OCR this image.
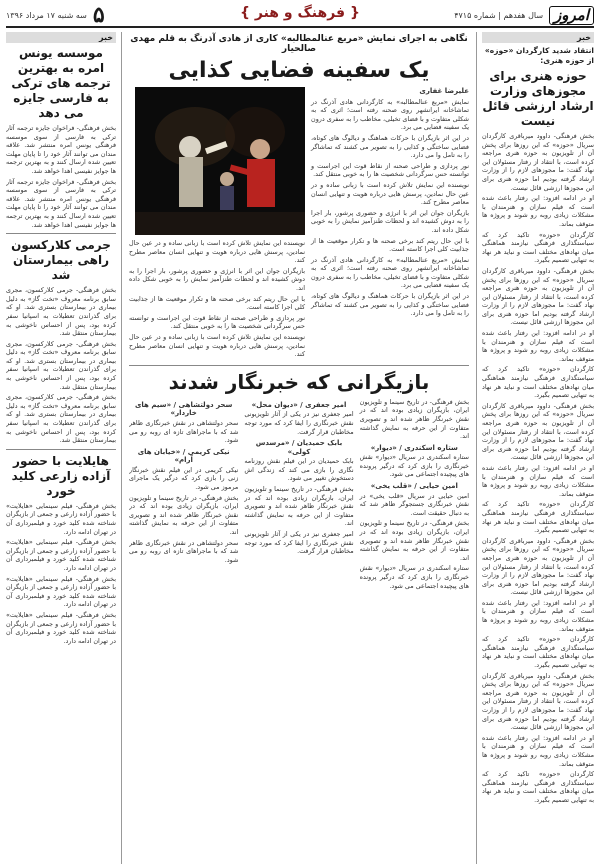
امروز
سال هفدهم | شماره ۴۷۱۵
{ فرهنگ و هنر }
۵
سه شنبه ۱۷ مرداد ۱۳۹۶
خبر
انتقاد شدید کارگردان «حوزه» از حوزه هنری:
حوزه هنری برای مجوزهای وزارت ارشاد ارزشی قائل نیست

بخش فرهنگی- داوود میرباقری کارگردان سریال «حوزه» که این روزها برای پخش آن از تلویزیون به حوزه هنری مراجعه کرده است، با انتقاد از رفتار مسئولان این نهاد گفت: ما مجوزهای لازم را از وزارت ارشاد گرفته بودیم اما حوزه هنری برای این مجوزها ارزشی قائل نیست.

او در ادامه افزود: این رفتار باعث شده است که فیلم سازان و هنرمندان با مشکلات زیادی روبه رو شوند و پروژه ها متوقف بماند.

کارگردان «حوزه» تاکید کرد که سیاستگذاری فرهنگی نیازمند هماهنگی میان نهادهای مختلف است و نباید هر نهاد به تنهایی تصمیم بگیرد.

بخش فرهنگی- داوود میرباقری کارگردان سریال «حوزه» که این روزها برای پخش آن از تلویزیون به حوزه هنری مراجعه کرده است، با انتقاد از رفتار مسئولان این نهاد گفت: ما مجوزهای لازم را از وزارت ارشاد گرفته بودیم اما حوزه هنری برای این مجوزها ارزشی قائل نیست.

او در ادامه افزود: این رفتار باعث شده است که فیلم سازان و هنرمندان با مشکلات زیادی روبه رو شوند و پروژه ها متوقف بماند.

کارگردان «حوزه» تاکید کرد که سیاستگذاری فرهنگی نیازمند هماهنگی میان نهادهای مختلف است و نباید هر نهاد به تنهایی تصمیم بگیرد.

بخش فرهنگی- داوود میرباقری کارگردان سریال «حوزه» که این روزها برای پخش آن از تلویزیون به حوزه هنری مراجعه کرده است، با انتقاد از رفتار مسئولان این نهاد گفت: ما مجوزهای لازم را از وزارت ارشاد گرفته بودیم اما حوزه هنری برای این مجوزها ارزشی قائل نیست.

او در ادامه افزود: این رفتار باعث شده است که فیلم سازان و هنرمندان با مشکلات زیادی روبه رو شوند و پروژه ها متوقف بماند.

کارگردان «حوزه» تاکید کرد که سیاستگذاری فرهنگی نیازمند هماهنگی میان نهادهای مختلف است و نباید هر نهاد به تنهایی تصمیم بگیرد.

بخش فرهنگی- داوود میرباقری کارگردان سریال «حوزه» که این روزها برای پخش آن از تلویزیون به حوزه هنری مراجعه کرده است، با انتقاد از رفتار مسئولان این نهاد گفت: ما مجوزهای لازم را از وزارت ارشاد گرفته بودیم اما حوزه هنری برای این مجوزها ارزشی قائل نیست.

او در ادامه افزود: این رفتار باعث شده است که فیلم سازان و هنرمندان با مشکلات زیادی روبه رو شوند و پروژه ها متوقف بماند.

کارگردان «حوزه» تاکید کرد که سیاستگذاری فرهنگی نیازمند هماهنگی میان نهادهای مختلف است و نباید هر نهاد به تنهایی تصمیم بگیرد.

بخش فرهنگی- داوود میرباقری کارگردان سریال «حوزه» که این روزها برای پخش آن از تلویزیون به حوزه هنری مراجعه کرده است، با انتقاد از رفتار مسئولان این نهاد گفت: ما مجوزهای لازم را از وزارت ارشاد گرفته بودیم اما حوزه هنری برای این مجوزها ارزشی قائل نیست.

او در ادامه افزود: این رفتار باعث شده است که فیلم سازان و هنرمندان با مشکلات زیادی روبه رو شوند و پروژه ها متوقف بماند.

کارگردان «حوزه» تاکید کرد که سیاستگذاری فرهنگی نیازمند هماهنگی میان نهادهای مختلف است و نباید هر نهاد به تنهایی تصمیم بگیرد.

نگاهی به اجرای نمایش «مربع عنالمطالبه» کاری از هادی آذرنگ به قلم مهدی صالحیار
یک سفینه فضایی کذایی
علیرضا غفاری

نمایش «مربع عنالمطالبه» به کارگردانی هادی آذرنگ در تماشاخانه ایرانشهر روی صحنه رفته است؛ اثری که به شکلی متفاوت و با فضای تخیلی، مخاطب را به سفری درون یک سفینه فضایی می برد.

در این اثر بازیگران با حرکات هماهنگ و دیالوگ های کوتاه، فضایی ساختگی و کذایی را به تصویر می کشند که تماشاگر را به تامل وا می دارد.

نور پردازی و طراحی صحنه از نقاط قوت این اجراست و توانسته حس سرگردانی شخصیت ها را به خوبی منتقل کند.

نویسنده این نمایش تلاش کرده است با زبانی ساده و در عین حال نمادین، پرسش هایی درباره هویت و تنهایی انسان معاصر مطرح کند.

بازیگران جوان این اثر با انرژی و حضوری پرشور، بار اجرا را به دوش کشیده اند و لحظات طنزآمیز نمایش را به خوبی شکل داده اند.

با این حال ریتم کند برخی صحنه ها و تکرار موقعیت ها از جذابیت کلی اجرا کاسته است.

نمایش «مربع عنالمطالبه» به کارگردانی هادی آذرنگ در تماشاخانه ایرانشهر روی صحنه رفته است؛ اثری که به شکلی متفاوت و با فضای تخیلی، مخاطب را به سفری درون یک سفینه فضایی می برد.

در این اثر بازیگران با حرکات هماهنگ و دیالوگ های کوتاه، فضایی ساختگی و کذایی را به تصویر می کشند که تماشاگر را به تامل وا می دارد.

نویسنده این نمایش تلاش کرده است با زبانی ساده و در عین حال نمادین، پرسش هایی درباره هویت و تنهایی انسان معاصر مطرح کند.

بازیگران جوان این اثر با انرژی و حضوری پرشور، بار اجرا را به دوش کشیده اند و لحظات طنزآمیز نمایش را به خوبی شکل داده اند.

با این حال ریتم کند برخی صحنه ها و تکرار موقعیت ها از جذابیت کلی اجرا کاسته است.

نور پردازی و طراحی صحنه از نقاط قوت این اجراست و توانسته حس سرگردانی شخصیت ها را به خوبی منتقل کند.

نویسنده این نمایش تلاش کرده است با زبانی ساده و در عین حال نمادین، پرسش هایی درباره هویت و تنهایی انسان معاصر مطرح کند.

بازیگرانی که خبرنگار شدند

بخش فرهنگی- در تاریخ سینما و تلویزیون ایران، بازیگران زیادی بوده اند که در نقش خبرنگار ظاهر شده اند و تصویری متفاوت از این حرفه به نمایش گذاشته اند.

ستاره اسکندری / «دیوار»

ستاره اسکندری در سریال «دیوار» نقش خبرنگاری را بازی کرد که درگیر پرونده های پیچیده اجتماعی می شود.

امین حیایی / «قلب یخی»

امین حیایی در سریال «قلب یخی» در نقش خبرنگاری جستجوگر ظاهر شد که به دنبال حقیقت است.

بخش فرهنگی- در تاریخ سینما و تلویزیون ایران، بازیگران زیادی بوده اند که در نقش خبرنگار ظاهر شده اند و تصویری متفاوت از این حرفه به نمایش گذاشته اند.

ستاره اسکندری در سریال «دیوار» نقش خبرنگاری را بازی کرد که درگیر پرونده های پیچیده اجتماعی می شود.

امیر جعفری / «دیوان محل»

امیر جعفری نیز در یکی از آثار تلویزیونی نقش خبرنگاری را ایفا کرد که مورد توجه مخاطبان قرار گرفت.

بابک حمیدیان / «مرسدس کولی»

بابک حمیدیان در این فیلم نقش روزنامه نگاری را بازی می کند که زندگی اش دستخوش تغییر می شود.

بخش فرهنگی- در تاریخ سینما و تلویزیون ایران، بازیگران زیادی بوده اند که در نقش خبرنگار ظاهر شده اند و تصویری متفاوت از این حرفه به نمایش گذاشته اند.

امیر جعفری نیز در یکی از آثار تلویزیونی نقش خبرنگاری را ایفا کرد که مورد توجه مخاطبان قرار گرفت.

سحر دولتشاهی / «سیم های خاردار»

سحر دولتشاهی در نقش خبرنگاری ظاهر شد که با ماجراهای تازه ای روبه رو می شود.

نیکی کریمی / «خیابان های آرام»

نیکی کریمی در این فیلم نقش خبرنگار زنی را بازی کرد که درگیر یک ماجرای مرموز می شود.

بخش فرهنگی- در تاریخ سینما و تلویزیون ایران، بازیگران زیادی بوده اند که در نقش خبرنگار ظاهر شده اند و تصویری متفاوت از این حرفه به نمایش گذاشته اند.

سحر دولتشاهی در نقش خبرنگاری ظاهر شد که با ماجراهای تازه ای روبه رو می شود.

خبر
موسسه یونس امره به بهترین ترجمه های ترکی به فارسی جایزه می دهد

بخش فرهنگی- فراخوان جایزه ترجمه آثار ترکی به فارسی از سوی موسسه فرهنگی یونس امره منتشر شد. علاقه مندان می توانند آثار خود را تا پایان مهلت تعیین شده ارسال کنند و به بهترین ترجمه ها جوایز نفیسی اهدا خواهد شد.

بخش فرهنگی- فراخوان جایزه ترجمه آثار ترکی به فارسی از سوی موسسه فرهنگی یونس امره منتشر شد. علاقه مندان می توانند آثار خود را تا پایان مهلت تعیین شده ارسال کنند و به بهترین ترجمه ها جوایز نفیسی اهدا خواهد شد.

جرمی کلارکسون راهی بیمارستان شد

بخش فرهنگی- جرمی کلارکسون، مجری سابق برنامه معروف «تخت گاز» به دلیل بیماری در بیمارستان بستری شد. او که برای گذراندن تعطیلات به اسپانیا سفر کرده بود، پس از احساس ناخوشی به بیمارستان منتقل شد.

بخش فرهنگی- جرمی کلارکسون، مجری سابق برنامه معروف «تخت گاز» به دلیل بیماری در بیمارستان بستری شد. او که برای گذراندن تعطیلات به اسپانیا سفر کرده بود، پس از احساس ناخوشی به بیمارستان منتقل شد.

بخش فرهنگی- جرمی کلارکسون، مجری سابق برنامه معروف «تخت گاز» به دلیل بیماری در بیمارستان بستری شد. او که برای گذراندن تعطیلات به اسپانیا سفر کرده بود، پس از احساس ناخوشی به بیمارستان منتقل شد.

هایلایت با حضور آزاده زارعی کلید خورد

بخش فرهنگی- فیلم سینمایی «هایلایت» با حضور آزاده زارعی و جمعی از بازیگران شناخته شده کلید خورد و فیلمبرداری آن در تهران ادامه دارد.

بخش فرهنگی- فیلم سینمایی «هایلایت» با حضور آزاده زارعی و جمعی از بازیگران شناخته شده کلید خورد و فیلمبرداری آن در تهران ادامه دارد.

بخش فرهنگی- فیلم سینمایی «هایلایت» با حضور آزاده زارعی و جمعی از بازیگران شناخته شده کلید خورد و فیلمبرداری آن در تهران ادامه دارد.

بخش فرهنگی- فیلم سینمایی «هایلایت» با حضور آزاده زارعی و جمعی از بازیگران شناخته شده کلید خورد و فیلمبرداری آن در تهران ادامه دارد.
